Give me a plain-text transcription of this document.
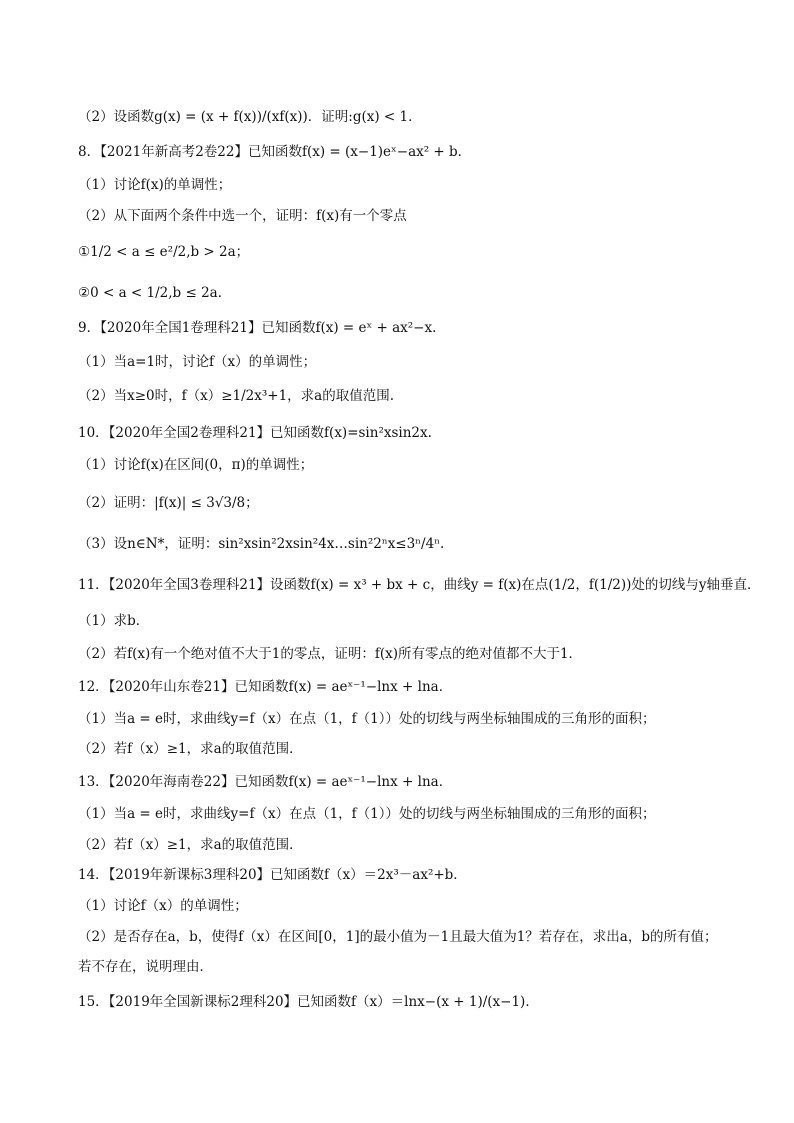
（2）设函数g(x) = (x + f(x))/(xf(x))．证明:g(x) < 1．
8．【2021年新高考2卷22】已知函数f(x) = (x−1)eˣ−ax² + b．
（1）讨论f(x)的单调性；
（2）从下面两个条件中选一个，证明：f(x)有一个零点
①1/2 < a ≤ e²/2,b > 2a；
②0 < a < 1/2,b ≤ 2a．
9．【2020年全国1卷理科21】已知函数f(x) = eˣ + ax²−x.
（1）当a=1时，讨论f（x）的单调性；
（2）当x≥0时，f（x）≥1/2x³+1，求a的取值范围.
10．【2020年全国2卷理科21】已知函数f(x)=sin²xsin2x.
（1）讨论f(x)在区间(0，π)的单调性；
（2）证明：|f(x)| ≤ 3√3/8；
（3）设n∈N*，证明：sin²xsin²2xsin²4x…sin²2ⁿx≤3ⁿ/4ⁿ.
11．【2020年全国3卷理科21】设函数f(x) = x³ + bx + c，曲线y = f(x)在点(1/2，f(1/2))处的切线与y轴垂直．
（1）求b．
（2）若f(x)有一个绝对值不大于1的零点，证明：f(x)所有零点的绝对值都不大于1．
12．【2020年山东卷21】已知函数f(x) = aeˣ⁻¹−lnx + lna．
（1）当a = e时，求曲线y=f（x）在点（1，f（1））处的切线与两坐标轴围成的三角形的面积；
（2）若f（x）≥1，求a的取值范围．
13．【2020年海南卷22】已知函数f(x) = aeˣ⁻¹−lnx + lna．
（1）当a = e时，求曲线y=f（x）在点（1，f（1））处的切线与两坐标轴围成的三角形的面积；
（2）若f（x）≥1，求a的取值范围．
14．【2019年新课标3理科20】已知函数f（x）＝2x³－ax²+b．
（1）讨论f（x）的单调性；
（2）是否存在a，b，使得f（x）在区间[0，1]的最小值为－1且最大值为1？若存在，求出a，b的所有值；
若不存在，说明理由．
15．【2019年全国新课标2理科20】已知函数f（x）＝lnx−(x + 1)/(x−1)．
